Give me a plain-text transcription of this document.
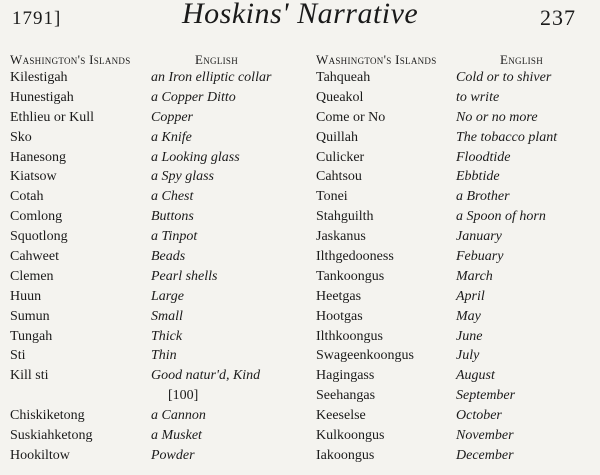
1791]	Hoskins' Narrative	237
Washington's Islands	English
Kilestigah	an Iron elliptic collar
Hunestigah	a Copper Ditto
Ethlieu or Kull	Copper
Sko	a Knife
Hanesong	a Looking glass
Kiatsow	a Spy glass
Cotah	a Chest
Comlong	Buttons
Squotlong	a Tinpot
Cahweet	Beads
Clemen	Pearl shells
Huun	Large
Sumun	Small
Tungah	Thick
Sti	Thin
Kill sti	Good natur'd, Kind
[100]
Chiskiketong	a Cannon
Suskiahketong	a Musket
Hookiltow	Powder
Washington's Islands	English
Tahqueah	Cold or to shiver
Queakol	to write
Come or No	No or no more
Quillah	The tobacco plant
Culicker	Floodtide
Cahtsou	Ebbtide
Tonei	a Brother
Stahguilth	a Spoon of horn
Jaskanus	January
Ilthgedooness	Febuary
Tankoongus	March
Heetgas	April
Hootgas	May
Ilthkoongus	June
Swageenkoongus	July
Hagingass	August
Seehangas	September
Keeselse	October
Kulkoongus	November
Iakoongus	December
